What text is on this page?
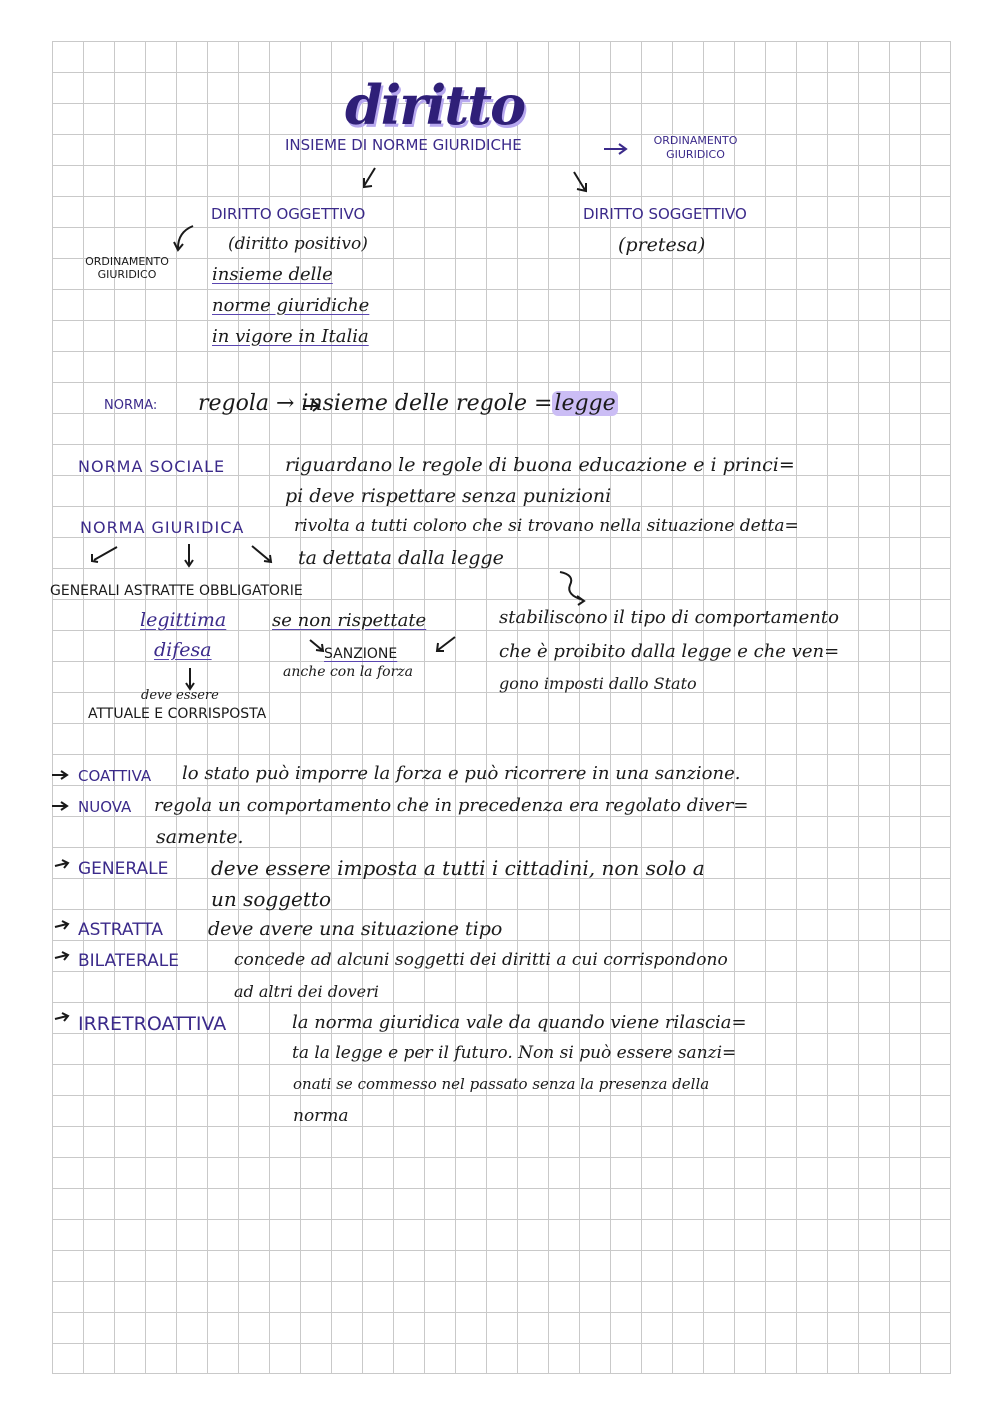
diritto
INSIEME DI NORME GIURIDICHE	ORDINAMENTO GIURIDICO
DIRITTO OGGETTIVO
(diritto positivo)
ORDINAMENTO GIURIDICO	insieme delle
norme giuridiche
in vigore in Italia
DIRITTO SOGGETTIVO
(pretesa)
NORMA: regola → insieme delle regole =legge
NORMA SOCIALE	riguardano le regole di buona educazione e i princi=
pi deve rispettare senza punizioni
NORMA GIURIDICA	rivolta a tutti coloro che si trovano nella situazione detta=
ta dettata dalla legge
GENERALI ASTRATTE OBBLIGATORIE
legittima
difesa
deve essere
ATTUALE E CORRISPOSTA
se non rispettate
SANZIONE
anche con la forza
stabiliscono il tipo di comportamento
che è proibito dalla legge e che ven=
gono imposti dallo Stato
COATTIVA lo stato può imporre la forza e può ricorrere in una sanzione.
NUOVA regola un comportamento che in precedenza era regolato diver=
samente.
GENERALE deve essere imposta a tutti i cittadini, non solo a
un soggetto
ASTRATTA deve avere una situazione tipo
BILATERALE	concede ad alcuni soggetti dei diritti a cui corrispondono
ad altri dei doveri
IRRETROATTIVA	la norma giuridica vale da quando viene rilascia=
ta la legge e per il futuro. Non si può essere sanzi=
onati se commesso nel passato senza la presenza della
norma
